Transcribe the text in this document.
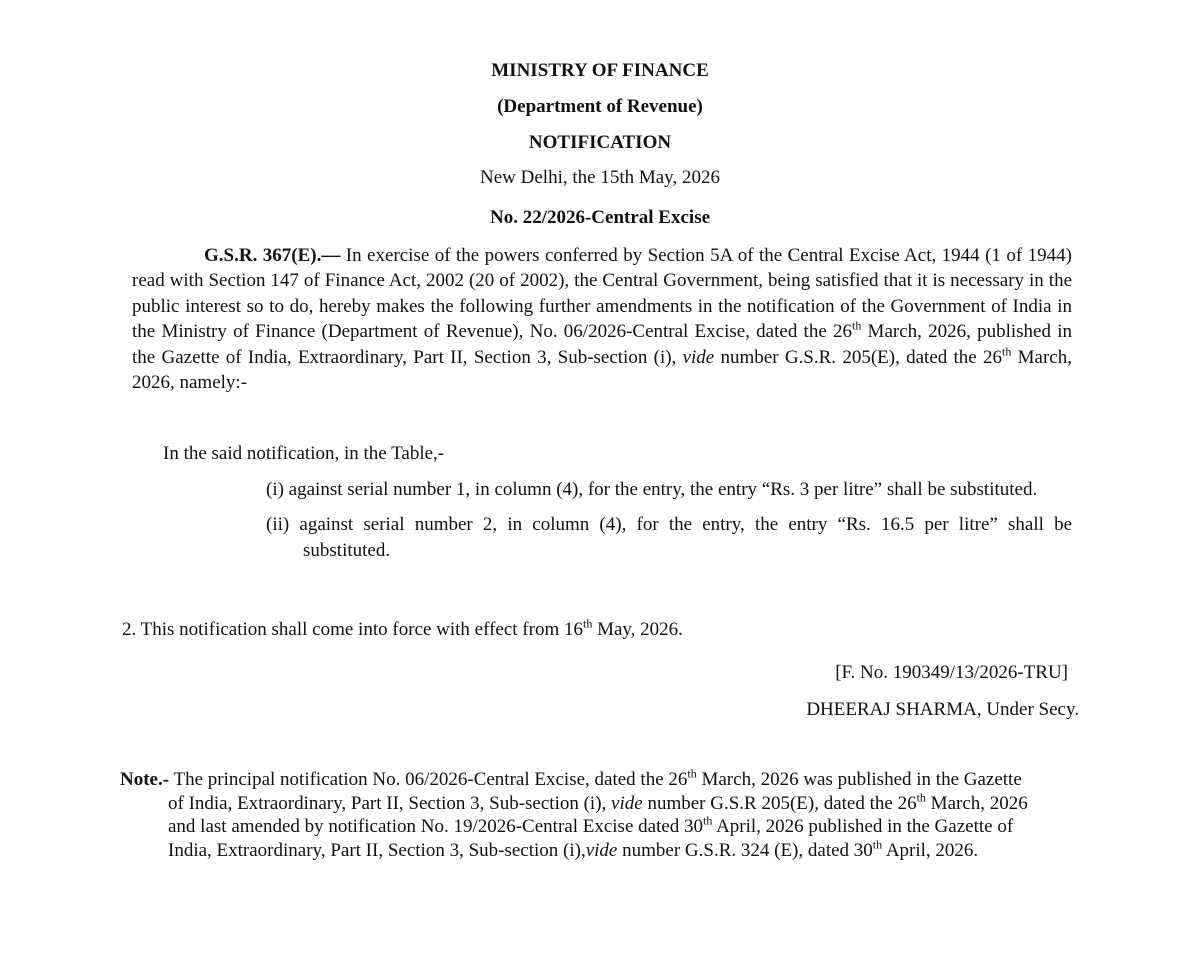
MINISTRY OF FINANCE
(Department of Revenue)
NOTIFICATION
New Delhi, the 15th May, 2026
No. 22/2026-Central Excise
G.S.R. 367(E).— In exercise of the powers conferred by Section 5A of the Central Excise Act, 1944 (1 of 1944) read with Section 147 of Finance Act, 2002 (20 of 2002), the Central Government, being satisfied that it is necessary in the public interest so to do, hereby makes the following further amendments in the notification of the Government of India in the Ministry of Finance (Department of Revenue), No. 06/2026-Central Excise, dated the 26th March, 2026, published in the Gazette of India, Extraordinary, Part II, Section 3, Sub-section (i), vide number G.S.R. 205(E), dated the 26th March, 2026, namely:-
In the said notification, in the Table,-
(i) against serial number 1, in column (4), for the entry, the entry “Rs. 3 per litre” shall be substituted.
(ii) against serial number 2, in column (4), for the entry, the entry “Rs. 16.5 per litre” shall be
substituted.
2. This notification shall come into force with effect from 16th May, 2026.
[F. No. 190349/13/2026-TRU]
DHEERAJ SHARMA, Under Secy.
Note.- The principal notification No. 06/2026-Central Excise, dated the 26th March, 2026 was published in the Gazette
of India, Extraordinary, Part II, Section 3, Sub-section (i), vide number G.S.R 205(E), dated the 26th March, 2026
and last amended by notification No. 19/2026-Central Excise dated 30th April, 2026 published in the Gazette of
India, Extraordinary, Part II, Section 3, Sub-section (i),vide number G.S.R. 324 (E), dated 30th April, 2026.
